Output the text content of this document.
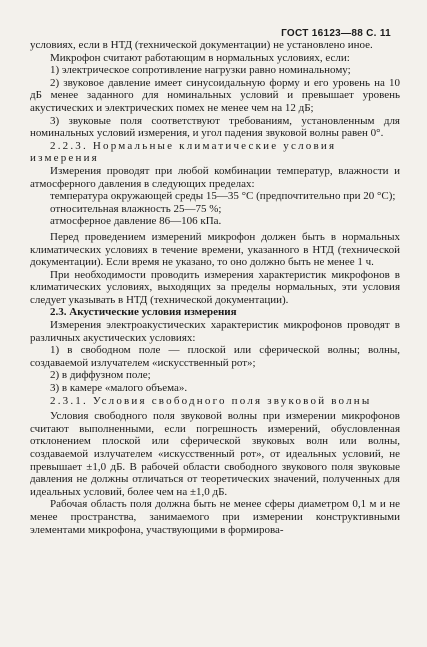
ГОСТ 16123—88 С. 11

условиях, если в НТД (технической документации) не установлено иное.

Микрофон считают работающим в нормальных условиях, если:

1) электрическое сопротивление нагрузки равно номинальному;

2) звуковое давление имеет синусоидальную форму и его уровень на 10 дБ менее заданного для номинальных условий и превышает уровень акустических и электрических помех не менее чем на 12 дБ;

3) звуковые поля соответствуют требованиям, установленным для номинальных условий измерения, и угол падения звуковой волны равен 0°.

2.2.3. Нормальные климатические условия измерения

Измерения проводят при любой комбинации температур, влажности и атмосферного давления в следующих пределах:

температура окружающей среды 15—35 °С (предпочтительно при 20 °С);

относительная влажность 25—75 %;

атмосферное давление 86—106 кПа.

Перед проведением измерений микрофон должен быть в нормальных климатических условиях в течение времени, указанного в НТД (технической документации). Если время не указано, то оно должно быть не менее 1 ч.

При необходимости проводить измерения характеристик микрофонов в климатических условиях, выходящих за пределы нормальных, эти условия следует указывать в НТД (технической документации).

2.3. Акустические условия измерения

Измерения электроакустических характеристик микрофонов проводят в различных акустических условиях:

1) в свободном поле — плоской или сферической волны; волны, создаваемой излучателем «искусственный рот»;

2) в диффузном поле;

3) в камере «малого объема».

2.3.1. Условия свободного поля звуковой волны

Условия свободного поля звуковой волны при измерении микрофонов считают выполненными, если погрешность измерений, обусловленная отклонением плоской или сферической звуковых волн или волны, создаваемой излучателем «искусственный рот», от идеальных условий, не превышает ±1,0 дБ. В рабочей области свободного звукового поля звуковые давления не должны отличаться от теоретических значений, полученных для идеальных условий, более чем на ±1,0 дБ.

Рабочая область поля должна быть не менее сферы диаметром 0,1 м и не менее пространства, занимаемого при измерении конструктивными элементами микрофона, участвующими в формирова-
